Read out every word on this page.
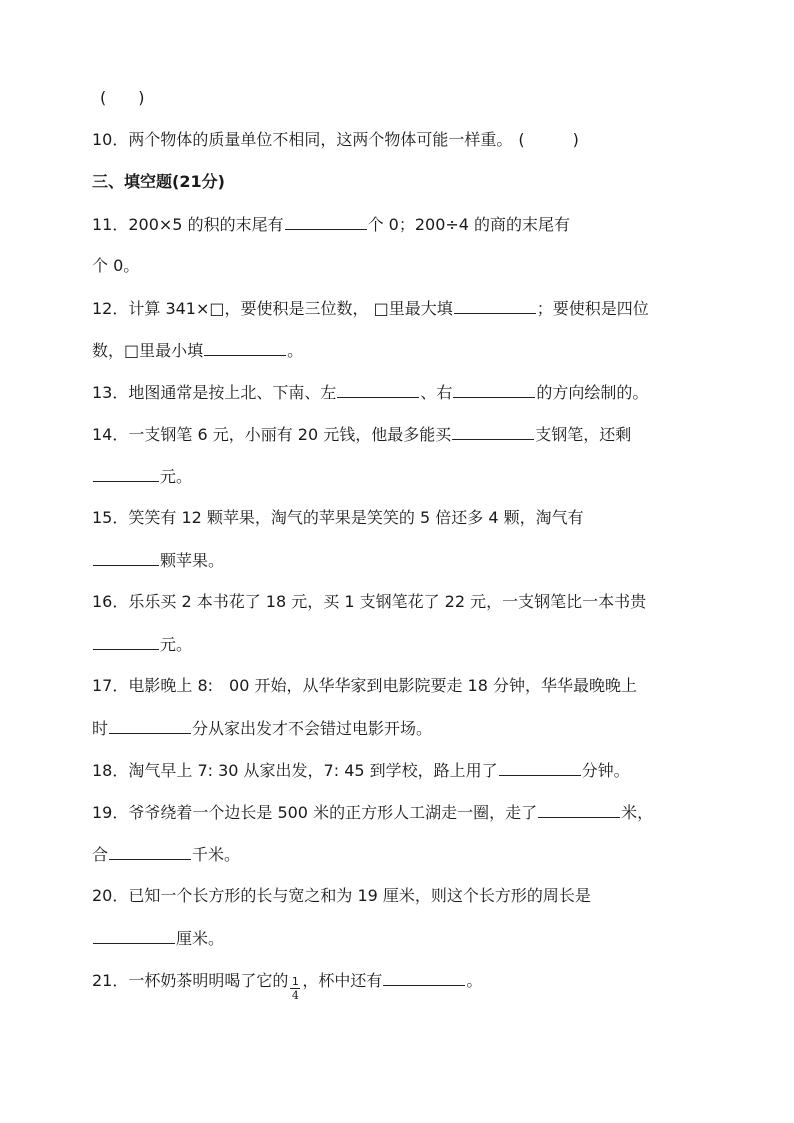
(　　)
10．两个物体的质量单位不相同，这两个物体可能一样重。 (　　　)
三、填空题(21分)
11．200×5 的积的末尾有	个 0；200÷4 的商的末尾有
个 0。
12．计算 341×□，要使积是三位数， □里最大填	；要使积是四位
数，□里最小填	。
13．地图通常是按上北、下南、左	、右	的方向绘制的。
14．一支钢笔 6 元，小丽有 20 元钱，他最多能买	支钢笔，还剩
元。
15．笑笑有 12 颗苹果，淘气的苹果是笑笑的 5 倍还多 4 颗，淘气有
颗苹果。
16．乐乐买 2 本书花了 18 元，买 1 支钢笔花了 22 元，一支钢笔比一本书贵
元。
17．电影晚上 8:　00 开始，从华华家到电影院要走 18 分钟，华华最晚晚上
时	分从家出发才不会错过电影开场。
18．淘气早上 7: 30 从家出发，7: 45 到学校，路上用了	分钟。
19．爷爷绕着一个边长是 500 米的正方形人工湖走一圈，走了	米，
合	千米。
20．已知一个长方形的长与宽之和为 19 厘米，则这个长方形的周长是
厘米。
21．一杯奶茶明明喝了它的 $\frac{1}{4}$ ，杯中还有	。
